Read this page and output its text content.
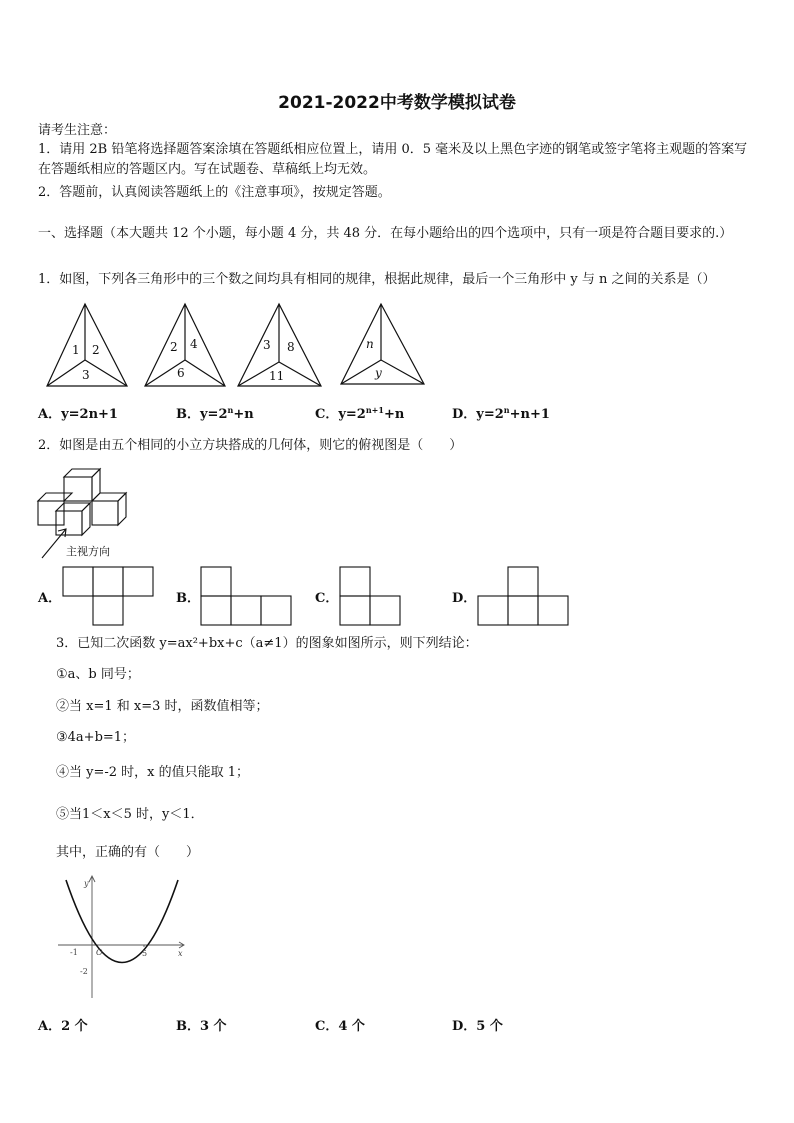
2021-2022中考数学模拟试卷
请考生注意：
1．请用 2B 铅笔将选择题答案涂填在答题纸相应位置上，请用 0．5 毫米及以上黑色字迹的钢笔或签字笔将主观题的答案写在答题纸相应的答题区内。写在试题卷、草稿纸上均无效。
2．答题前，认真阅读答题纸上的《注意事项》，按规定答题。
一、选择题（本大题共 12 个小题，每小题 4 分，共 48 分．在每小题给出的四个选项中，只有一项是符合题目要求的.）
1．如图，下列各三角形中的三个数之间均具有相同的规律，根据此规律，最后一个三角形中 y 与 n 之间的关系是（）
1 2
3
2 4
6
3 8
11
n
y
A．y=2n+1	B．$y=2^n+n$	C．$y=2^{n+1}+n$	D．$y=2^n+n+1$
2．如图是由五个相同的小立方块搭成的几何体，则它的俯视图是（　　）
主视方向
A．	B．	C．	D．
3．已知二次函数 y=ax²+bx+c（a≠1）的图象如图所示，则下列结论：
①a、b 同号；
②当 x=1 和 x=3 时，函数值相等；
③4a+b=1；
④当 y=-2 时，x 的值只能取 1；
⑤当1＜x＜5 时，y＜1．
其中，正确的有（　　）
y
x
O
-1	5
-2
A．2 个	B．3 个	C．4 个	D．5 个
